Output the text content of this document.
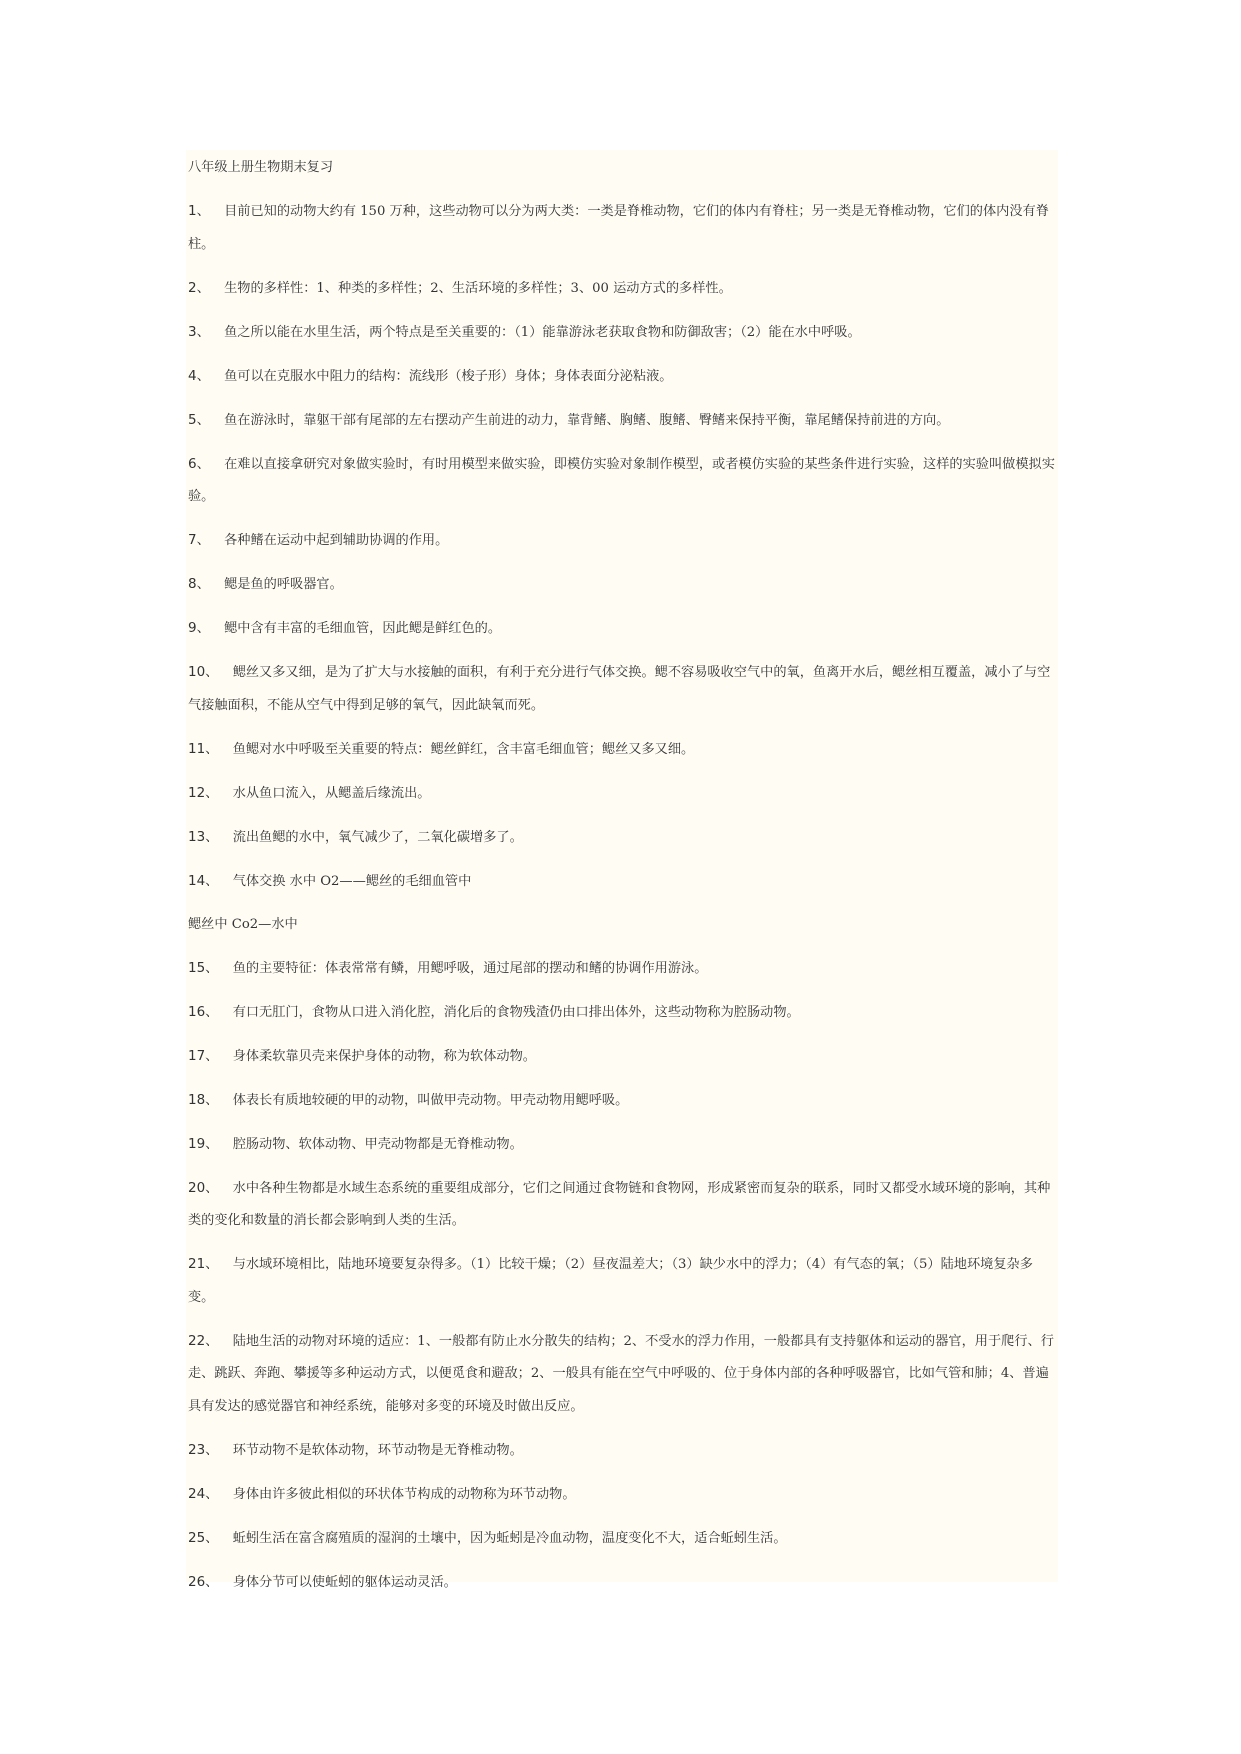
八年级上册生物期末复习

1、 目前已知的动物大约有 150 万种，这些动物可以分为两大类：一类是脊椎动物，它们的体内有脊柱；另一类是无脊椎动物，它们的体内没有脊柱。

2、 生物的多样性：1、种类的多样性；2、生活环境的多样性；3、00 运动方式的多样性。

3、 鱼之所以能在水里生活，两个特点是至关重要的：（1）能靠游泳老获取食物和防御敌害；（2）能在水中呼吸。

4、 鱼可以在克服水中阻力的结构：流线形（梭子形）身体；身体表面分泌粘液。

5、 鱼在游泳时，靠躯干部有尾部的左右摆动产生前进的动力，靠背鳍、胸鳍、腹鳍、臀鳍来保持平衡，靠尾鳍保持前进的方向。

6、 在难以直接拿研究对象做实验时，有时用模型来做实验，即模仿实验对象制作模型，或者模仿实验的某些条件进行实验，这样的实验叫做模拟实验。

7、 各种鳍在运动中起到辅助协调的作用。

8、 鳃是鱼的呼吸器官。

9、 鳃中含有丰富的毛细血管，因此鳃是鲜红色的。

10、 鳃丝又多又细，是为了扩大与水接触的面积，有利于充分进行气体交换。鳃不容易吸收空气中的氧，鱼离开水后，鳃丝相互覆盖，减小了与空气接触面积，不能从空气中得到足够的氧气，因此缺氧而死。

11、 鱼鳃对水中呼吸至关重要的特点：鳃丝鲜红，含丰富毛细血管；鳃丝又多又细。

12、 水从鱼口流入，从鳃盖后缘流出。

13、 流出鱼鳃的水中，氧气减少了，二氧化碳增多了。

14、 气体交换 水中 O2——鳃丝的毛细血管中

鳃丝中 Co2—水中

15、 鱼的主要特征：体表常常有鳞，用鳃呼吸，通过尾部的摆动和鳍的协调作用游泳。

16、 有口无肛门，食物从口进入消化腔，消化后的食物残渣仍由口排出体外，这些动物称为腔肠动物。

17、 身体柔软靠贝壳来保护身体的动物，称为软体动物。

18、 体表长有质地较硬的甲的动物，叫做甲壳动物。甲壳动物用鳃呼吸。

19、 腔肠动物、软体动物、甲壳动物都是无脊椎动物。

20、 水中各种生物都是水域生态系统的重要组成部分，它们之间通过食物链和食物网，形成紧密而复杂的联系，同时又都受水域环境的影响，其种类的变化和数量的消长都会影响到人类的生活。

21、 与水域环境相比，陆地环境要复杂得多。（1）比较干燥；（2）昼夜温差大；（3）缺少水中的浮力；（4）有气态的氧；（5）陆地环境复杂多变。

22、 陆地生活的动物对环境的适应：1、一般都有防止水分散失的结构；2、不受水的浮力作用，一般都具有支持躯体和运动的器官，用于爬行、行走、跳跃、奔跑、攀援等多种运动方式，以便觅食和避敌；2、一般具有能在空气中呼吸的、位于身体内部的各种呼吸器官，比如气管和肺；4、普遍具有发达的感觉器官和神经系统，能够对多变的环境及时做出反应。

23、 环节动物不是软体动物，环节动物是无脊椎动物。

24、 身体由许多彼此相似的环状体节构成的动物称为环节动物。

25、 蚯蚓生活在富含腐殖质的湿润的土壤中，因为蚯蚓是冷血动物，温度变化不大，适合蚯蚓生活。

26、 身体分节可以使蚯蚓的躯体运动灵活。
